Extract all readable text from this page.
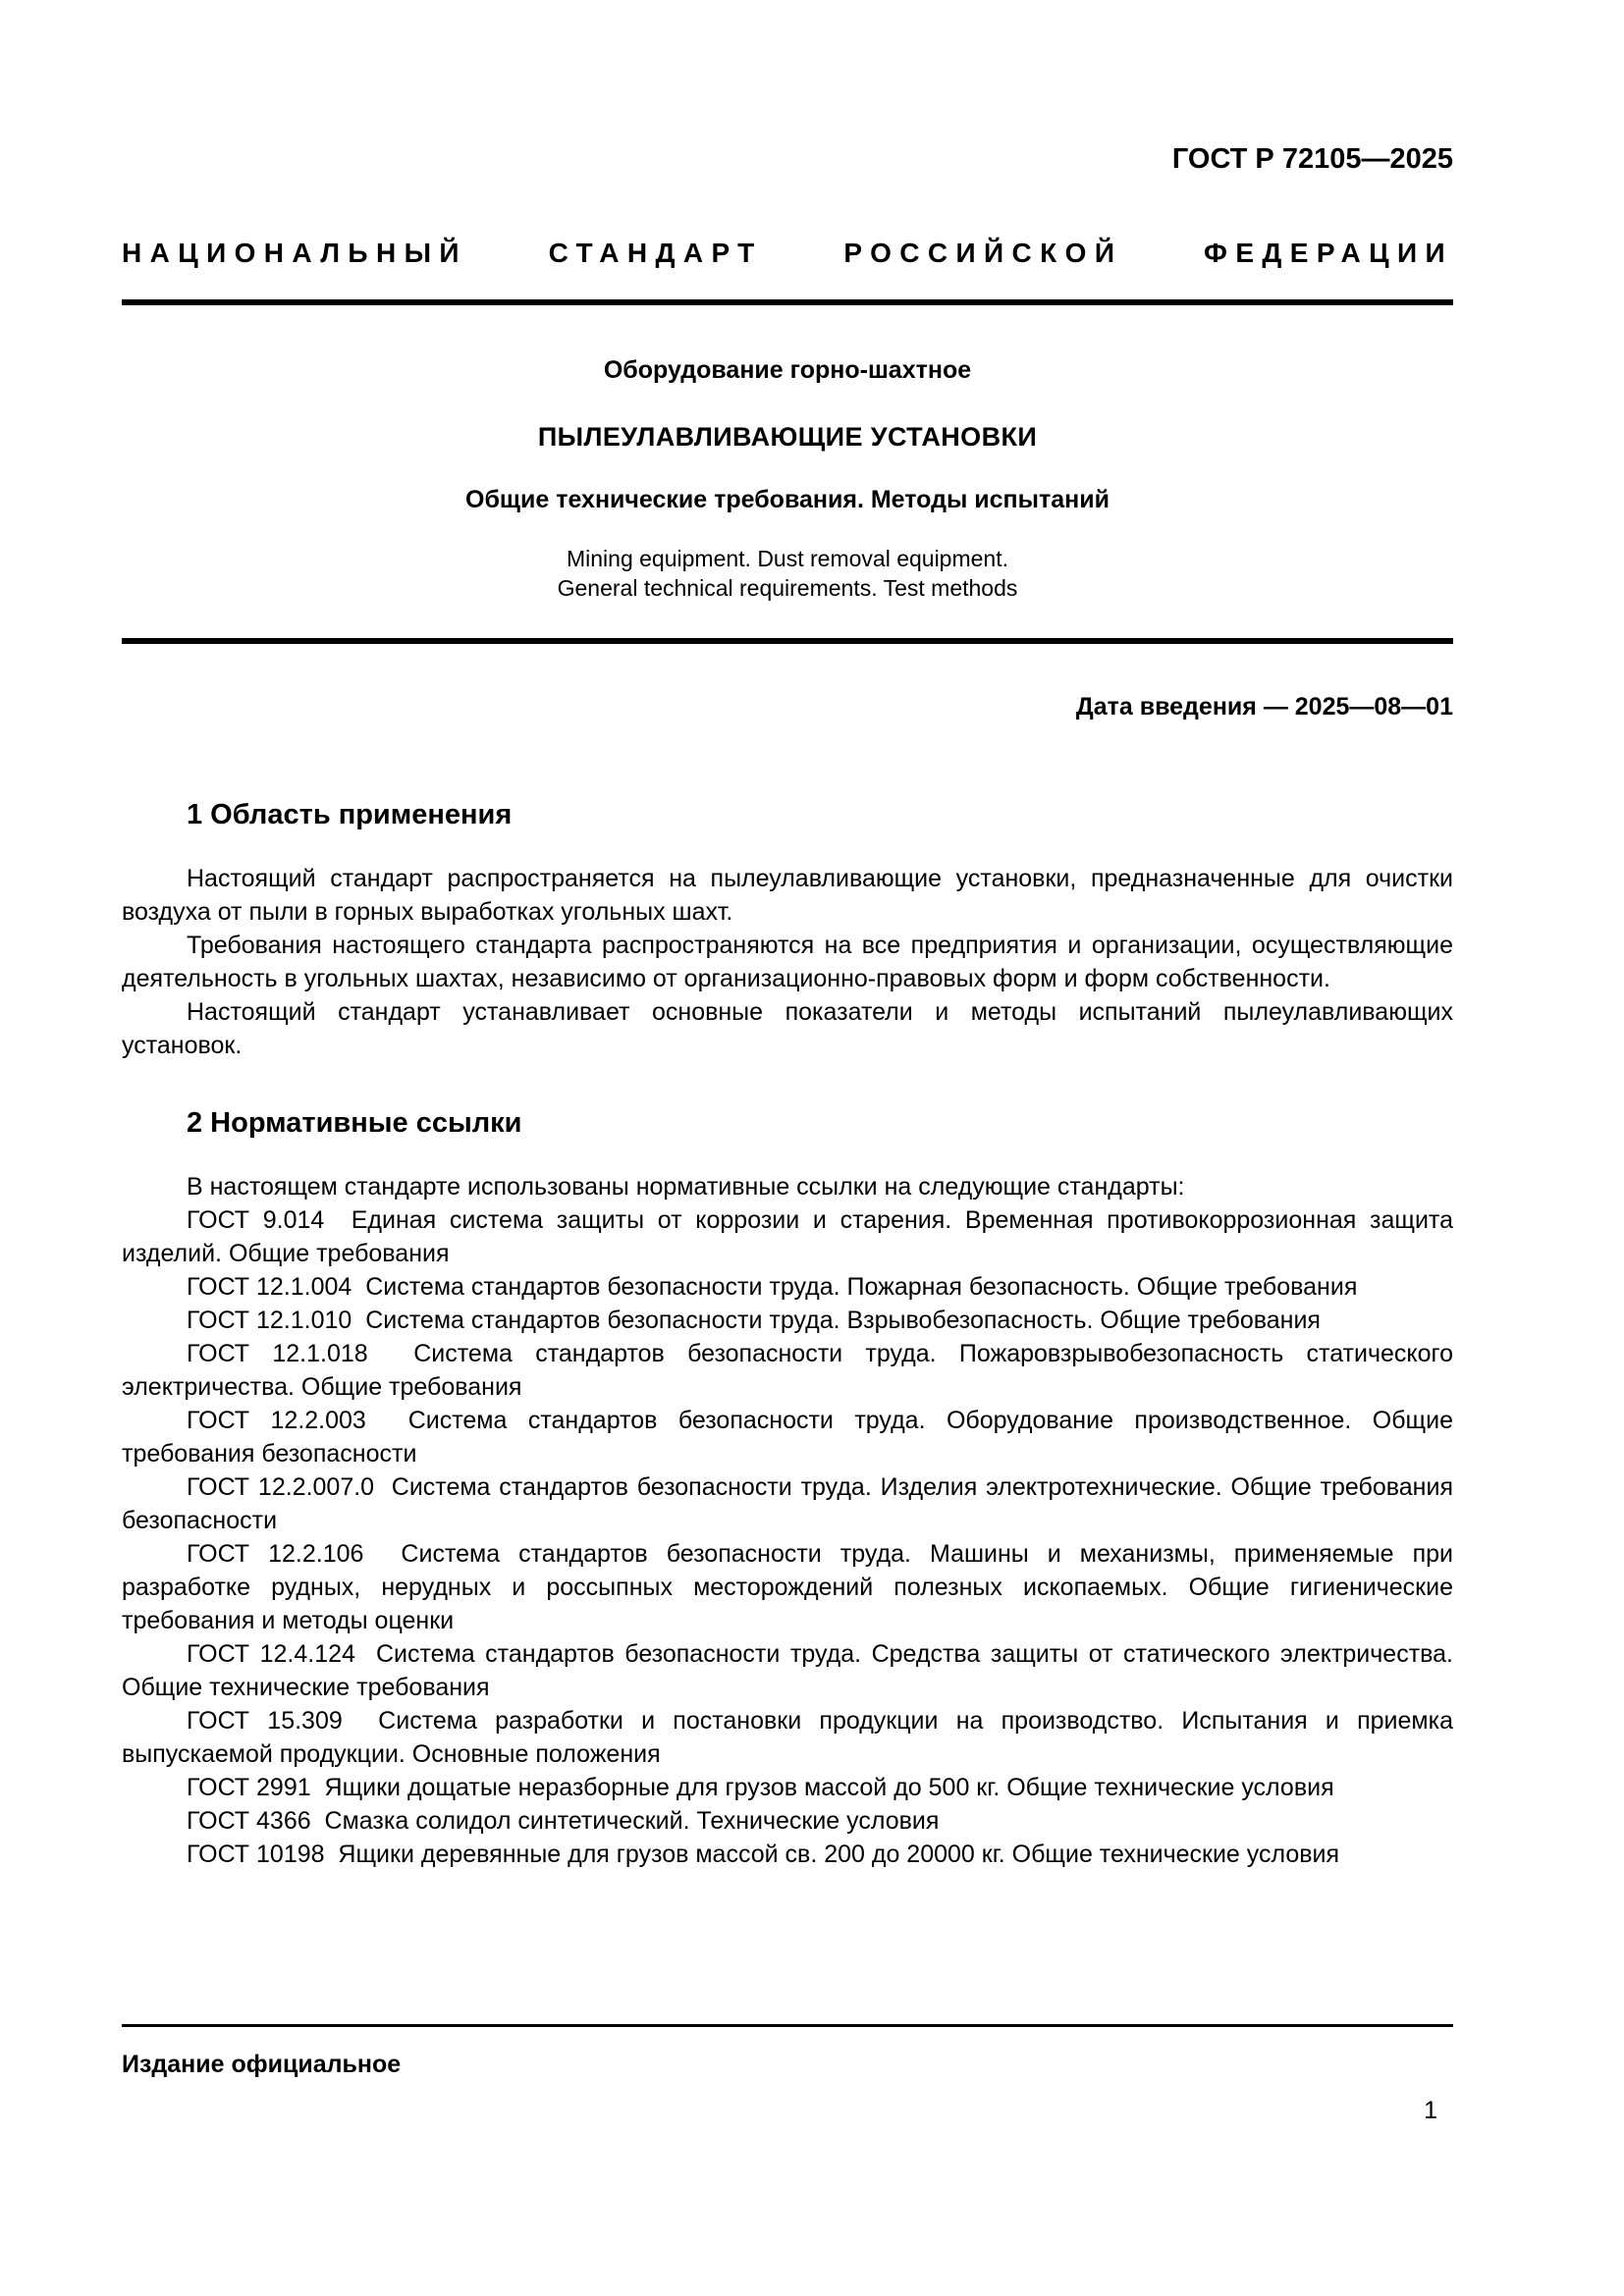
ГОСТ Р 72105—2025
НАЦИОНАЛЬНЫЙ СТАНДАРТ РОССИЙСКОЙ ФЕДЕРАЦИИ
Оборудование горно-шахтное
ПЫЛЕУЛАВЛИВАЮЩИЕ УСТАНОВКИ
Общие технические требования. Методы испытаний
Mining equipment. Dust removal equipment.
General technical requirements. Test methods
Дата введения — 2025—08—01
1 Область применения

Настоящий стандарт распространяется на пылеулавливающие установки, предназначенные для очистки воздуха от пыли в горных выработках угольных шахт.

Требования настоящего стандарта распространяются на все предприятия и организации, осуществляющие деятельность в угольных шахтах, независимо от организационно-правовых форм и форм собственности.

Настоящий стандарт устанавливает основные показатели и методы испытаний пылеулавливающих установок.

2 Нормативные ссылки

В настоящем стандарте использованы нормативные ссылки на следующие стандарты:

ГОСТ 9.014  Единая система защиты от коррозии и старения. Временная противокоррозионная защита изделий. Общие требования

ГОСТ 12.1.004  Система стандартов безопасности труда. Пожарная безопасность. Общие требования

ГОСТ 12.1.010  Система стандартов безопасности труда. Взрывобезопасность. Общие требования

ГОСТ 12.1.018  Система стандартов безопасности труда. Пожаровзрывобезопасность статического электричества. Общие требования

ГОСТ 12.2.003  Система стандартов безопасности труда. Оборудование производственное. Общие требования безопасности

ГОСТ 12.2.007.0  Система стандартов безопасности труда. Изделия электротехнические. Общие требования безопасности

ГОСТ 12.2.106  Система стандартов безопасности труда. Машины и механизмы, применяемые при разработке рудных, нерудных и россыпных месторождений полезных ископаемых. Общие гигиенические требования и методы оценки

ГОСТ 12.4.124  Система стандартов безопасности труда. Средства защиты от статического электричества. Общие технические требования

ГОСТ 15.309  Система разработки и постановки продукции на производство. Испытания и приемка выпускаемой продукции. Основные положения

ГОСТ 2991  Ящики дощатые неразборные для грузов массой до 500 кг. Общие технические условия

ГОСТ 4366  Смазка солидол синтетический. Технические условия

ГОСТ 10198  Ящики деревянные для грузов массой св. 200 до 20000 кг. Общие технические условия

Издание официальное
1
